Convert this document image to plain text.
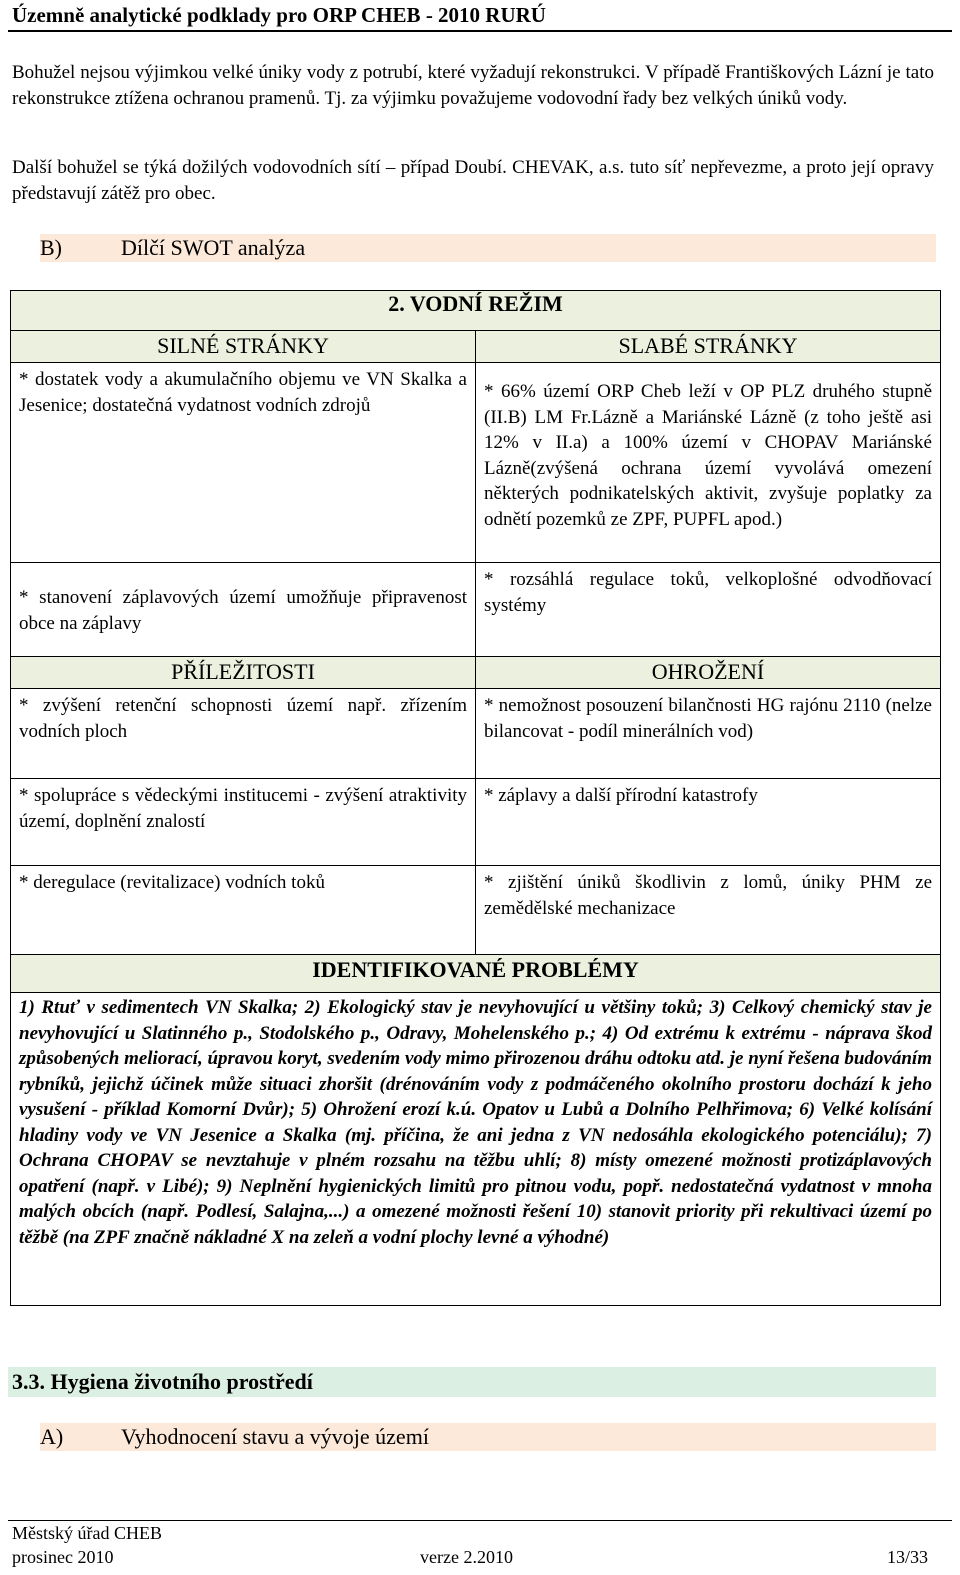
Územně analytické podklady pro ORP CHEB - 2010 RURÚ
Bohužel nejsou výjimkou velké úniky vody z potrubí, které vyžadují rekonstrukci. V případě Františkových Lázní je tato rekonstrukce ztížena ochranou pramenů. Tj. za výjimku považujeme vodovodní řady bez velkých úniků vody.
Další bohužel se týká dožilých vodovodních sítí – případ Doubí. CHEVAK, a.s. tuto síť nepřevezme, a proto její opravy představují zátěž pro obec.
B)	Dílčí SWOT analýza
2. VODNÍ REŽIM	
SILNÉ STRÁNKY	SLABÉ STRÁNKY
* dostatek vody a akumulačního objemu ve VN Skalka a Jesenice; dostatečná vydatnost vodních zdrojů	* 66% území ORP Cheb leží v OP PLZ druhého stupně (II.B) LM Fr.Lázně a Mariánské Lázně (z toho ještě asi 12% v II.a) a 100% území v CHOPAV Mariánské Lázně(zvýšená ochrana území vyvolává omezení některých podnikatelských aktivit, zvyšuje poplatky za odnětí pozemků ze ZPF, PUPFL apod.)
* stanovení záplavových území umožňuje připravenost obce na záplavy	* rozsáhlá regulace toků, velkoplošné odvodňovací systémy
PŘÍLEŽITOSTI	OHROŽENÍ
* zvýšení retenční schopnosti území např. zřízením vodních ploch	* nemožnost posouzení bilančnosti HG rajónu 2110 (nelze bilancovat - podíl minerálních vod)
* spolupráce s vědeckými institucemi - zvýšení atraktivity území, doplnění znalostí	* záplavy a další přírodní katastrofy
* deregulace (revitalizace) vodních toků	* zjištění úniků škodlivin z lomů, úniky PHM ze zemědělské mechanizace
IDENTIFIKOVANÉ PROBLÉMY	
1) Rtuť v sedimentech VN Skalka; 2) Ekologický stav je nevyhovující u většiny toků; 3) Celkový chemický stav je nevyhovující u Slatinného p., Stodolského p., Odravy, Mohelenského p.; 4) Od extrému k extrému - náprava škod způsobených meliorací, úpravou koryt, svedením vody mimo přirozenou dráhu odtoku atd. je nyní řešena budováním rybníků, jejichž účinek může situaci zhoršit (drénováním vody z podmáčeného okolního prostoru dochází k jeho vysušení - příklad Komorní Dvůr); 5) Ohrožení erozí k.ú. Opatov u Lubů a Dolního Pelhřimova; 6) Velké kolísání hladiny vody ve VN Jesenice a Skalka (mj. příčina, že ani jedna z VN nedosáhla ekologického potenciálu); 7) Ochrana CHOPAV se nevztahuje v plném rozsahu na těžbu uhlí; 8) místy omezené možnosti protizáplavových opatření (např. v Libé); 9) Neplnění hygienických limitů pro pitnou vodu, popř. nedostatečná vydatnost v mnoha malých obcích (např. Podlesí, Salajna,...) a omezené možnosti řešení 10) stanovit priority při rekultivaci území po těžbě (na ZPF značně nákladné X na zeleň a vodní plochy levné a výhodné)	
3.3. Hygiena životního prostředí
A)	Vyhodnocení stavu a vývoje území
Městský úřad CHEB
prosinec 2010	verze 2.2010	13/33
